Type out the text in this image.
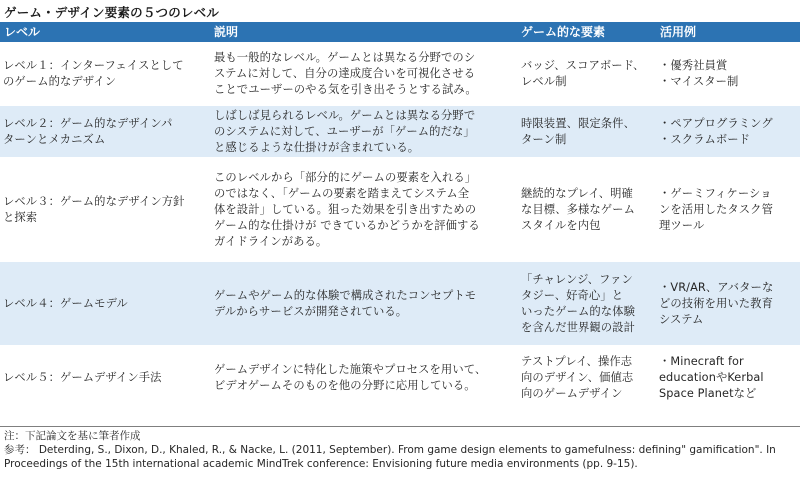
ゲーム・デザイン要素の５つのレベル
レベル	説明	ゲーム的な要素	活用例

レベル１：インターフェイスとして
のゲーム的なデザイン	最も一般的なレベル。ゲームとは異なる分野でのシ
ステムに対して、自分の達成度合いを可視化させる
ことでユーザーのやる気を引き出そうとする試み。	バッジ、スコアボード、
レベル制	・優秀社員賞
・マイスター制

レベル２：ゲーム的なデザインパ
ターンとメカニズム	しばしば見られるレベル。ゲームとは異なる分野で
のシステムに対して、ユーザーが「ゲーム的だな」
と感じるような仕掛けが含まれている。	時限装置、限定条件、
ターン制	・ペアプログラミング
・スクラムボード

レベル３：ゲーム的なデザイン方針
と探索	このレベルから「部分的にゲームの要素を入れる」
のではなく、「ゲームの要素を踏まえてシステム全
体を設計」している。狙った効果を引き出すための
ゲーム的な仕掛けが できているかどうかを評価する
ガイドラインがある。	継続的なプレイ、明確
な目標、多様なゲーム
スタイルを内包	・ゲーミフィケーショ
ンを活用したタスク管
理ツール

レベル４：ゲームモデル	ゲームやゲーム的な体験で構成されたコンセプトモ
デルからサービスが開発されている。	「チャレンジ、ファン
タジー、好奇心」と
いったゲーム的な体験
を含んだ世界観の設計	・VR/AR、アバターな
どの技術を用いた教育
システム

レベル５：ゲームデザイン手法	ゲームデザインに特化した施策やプロセスを用いて、
ビデオゲームそのものを他の分野に応用している。	テストプレイ、操作志
向のデザイン、価値志
向のゲームデザイン	・Minecraft for
educationやKerbal
Space Planetなど
注：下記論文を基に筆者作成
参考： Deterding, S., Dixon, D., Khaled, R., & Nacke, L. (2011, September). From game design elements to gamefulness: defining" gamification". In
Proceedings of the 15th international academic MindTrek conference: Envisioning future media environments (pp. 9-15).
